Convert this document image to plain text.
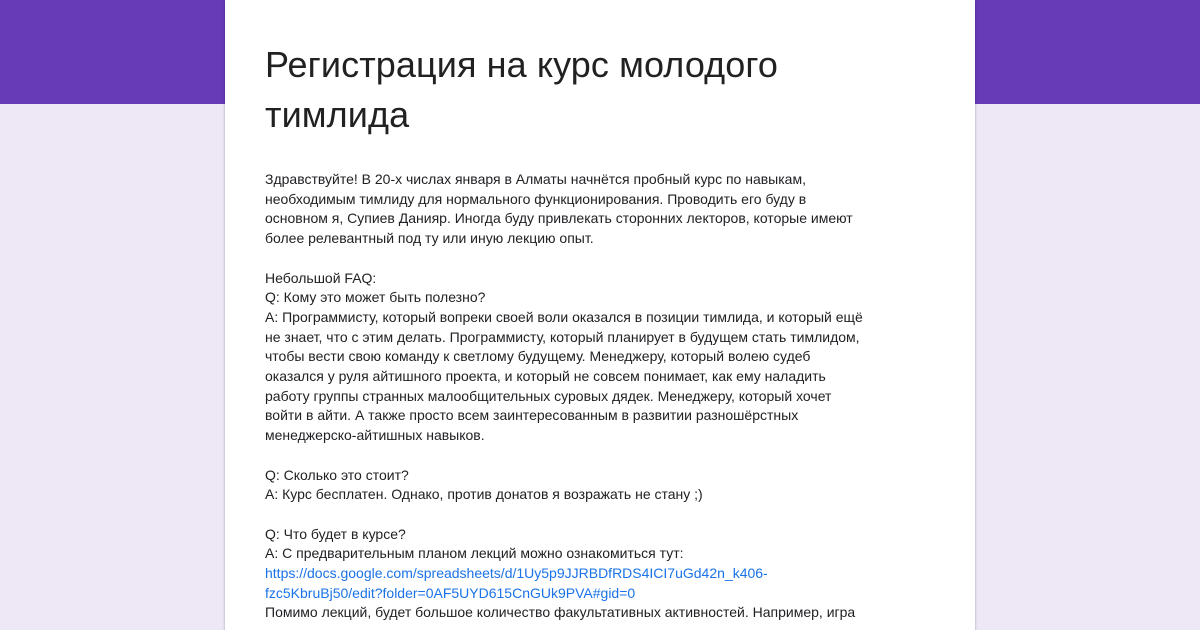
Регистрация на курс молодого
тимлида
Здравствуйте! В 20-х числах января в Алматы начнётся пробный курс по навыкам,
необходимым тимлиду для нормального функционирования. Проводить его буду в
основном я, Супиев Данияр. Иногда буду привлекать сторонних лекторов, которые имеют
более релевантный под ту или иную лекцию опыт.
Небольшой FAQ:
Q: Кому это может быть полезно?
A: Программисту, который вопреки своей воли оказался в позиции тимлида, и который ещё
не знает, что с этим делать. Программисту, который планирует в будущем стать тимлидом,
чтобы вести свою команду к светлому будущему. Менеджеру, который волею судеб
оказался у руля айтишного проекта, и который не совсем понимает, как ему наладить
работу группы странных малообщительных суровых дядек. Менеджеру, который хочет
войти в айти. А также просто всем заинтересованным в развитии разношёрстных
менеджерско-айтишных навыков.
Q: Сколько это стоит?
A: Курс бесплатен. Однако, против донатов я возражать не стану ;)
Q: Что будет в курсе?
A: С предварительным планом лекций можно ознакомиться тут:
https://docs.google.com/spreadsheets/d/1Uy5p9JJRBDfRDS4ICI7uGd42n_k406-
fzc5KbruBj50/edit?folder=0AF5UYD615CnGUk9PVA#gid=0
Помимо лекций, будет большое количество факультативных активностей. Например, игра
